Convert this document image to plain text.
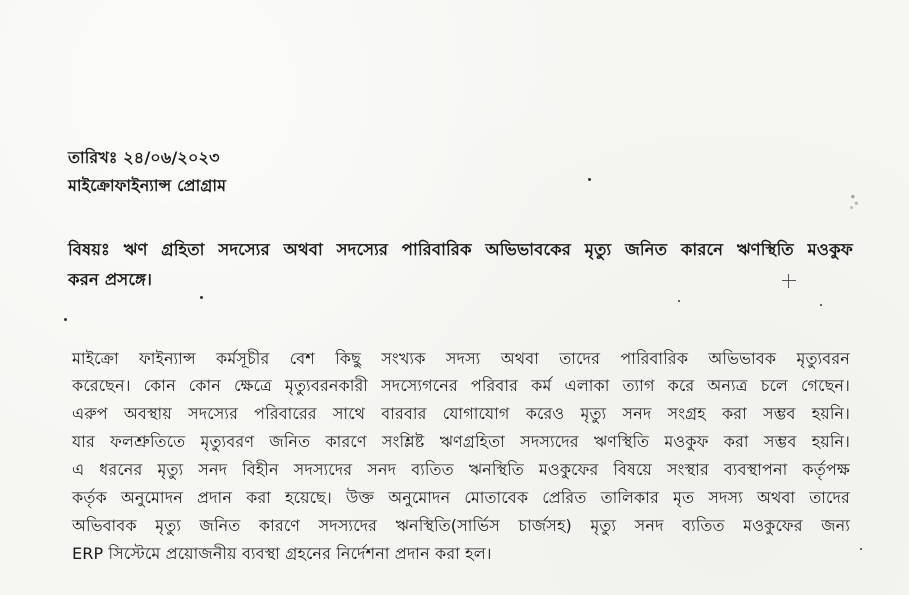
তারিখঃ ২৪/০৬/২০২৩
মাইক্রোফাইন্যান্স প্রোগ্রাম
বিষয়ঃ ঋণ গ্রহিতা সদস্যের অথবা সদস্যের পারিবারিক অভিভাবকের মৃত্যু জনিত কারনে ঋণস্থিতি মওকুফ
করন প্রসঙ্গে।
মাইক্রো ফাইন্যান্স কর্মসূচীর বেশ কিছু সংখ্যক সদস্য অথবা তাদের পারিবারিক অভিভাবক মৃত্যুবরন
করেছেন। কোন কোন ক্ষেত্রে মৃত্যুবরনকারী সদস্যেগনের পরিবার কর্ম এলাকা ত্যাগ করে অন্যত্র চলে গেছেন।
এরুপ অবস্থায় সদস্যের পরিবারের সাথে বারবার যোগাযোগ করেও মৃত্যু সনদ সংগ্রহ করা সম্ভব হয়নি।
যার ফলশ্রুতিতে মৃত্যুবরণ জনিত কারণে সংশ্লিষ্ট ঋণগ্রহিতা সদস্যদের ঋণস্থিতি মওকুফ করা সম্ভব হয়নি।
এ ধরনের মৃত্যু সনদ বিহীন সদস্যদের সনদ ব্যতিত ঋনস্থিতি মওকুফের বিষয়ে সংস্থার ব্যবস্থাপনা কর্তৃপক্ষ
কর্তৃক অনুমোদন প্রদান করা হয়েছে। উক্ত অনুমোদন মোতাবেক প্রেরিত তালিকার মৃত সদস্য অথবা তাদের
অভিবাবক মৃত্যু জনিত কারণে সদস্যদের ঋনস্থিতি(সার্ভিস চার্জসহ) মৃত্যু সনদ ব্যতিত মওকুফের জন্য
ERP সিস্টেমে প্রয়োজনীয় ব্যবস্থা গ্রহনের নির্দেশনা প্রদান করা হল।
